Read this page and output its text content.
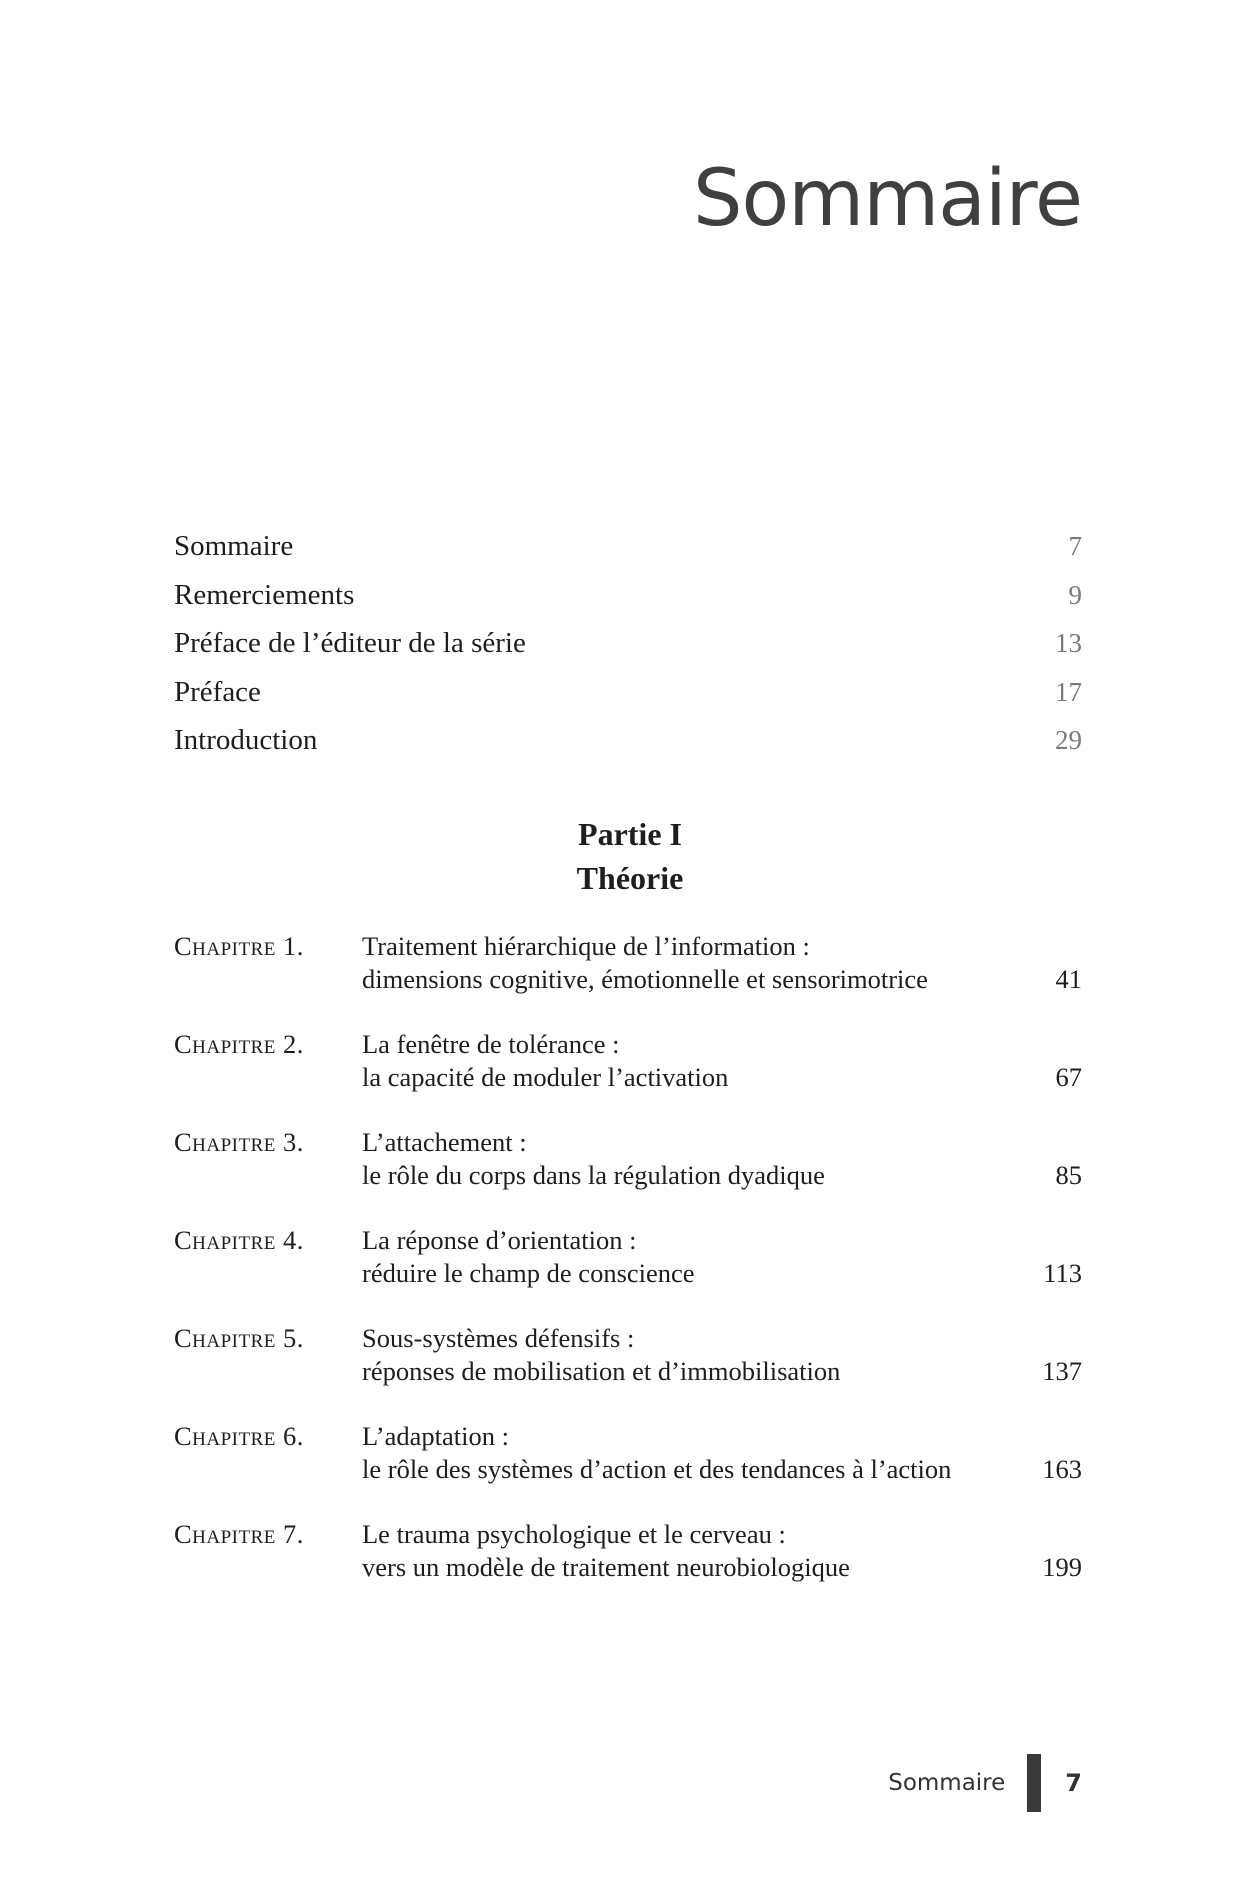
Sommaire
Sommaire	7
Remerciements	9
Préface de l’éditeur de la série	13
Préface	17
Introduction	29
Partie I
Théorie
Chapitre 1. Traitement hiérarchique de l’information :
dimensions cognitive, émotionnelle et sensorimotrice	41
Chapitre 2. La fenêtre de tolérance :
la capacité de moduler l’activation	67
Chapitre 3. L’attachement :
le rôle du corps dans la régulation dyadique	85
Chapitre 4. La réponse d’orientation :
réduire le champ de conscience	113
Chapitre 5. Sous-systèmes défensifs :
réponses de mobilisation et d’immobilisation	137
Chapitre 6. L’adaptation :
le rôle des systèmes d’action et des tendances à l’action	163
Chapitre 7. Le trauma psychologique et le cerveau :
vers un modèle de traitement neurobiologique	199
Sommaire	7
